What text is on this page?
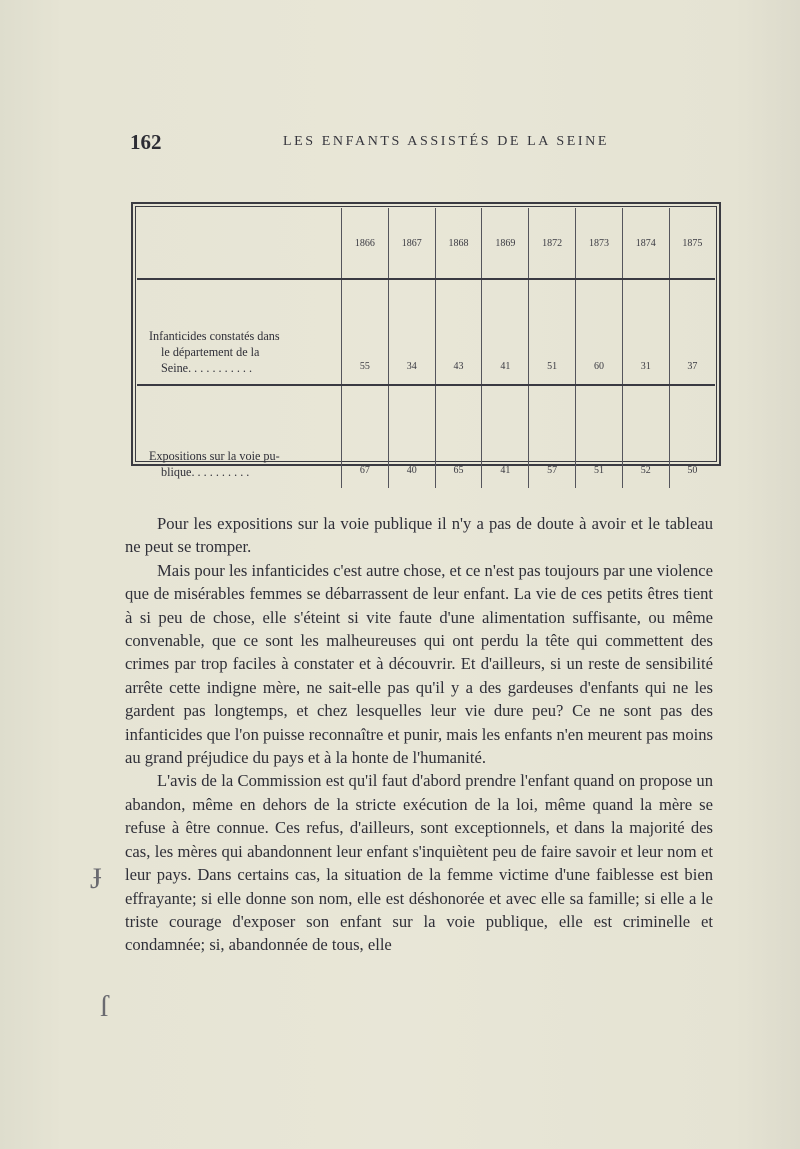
162	LES ENFANTS ASSISTÉS DE LA SEINE
	1866	1867	1868	1869	1872	1873	1874	1875
Infanticides constatés dans
le département de la
Seine. . . . . . . . . . .	55	34	43	41	51	60	31	37
Expositions sur la voie pu-
blique. . . . . . . . . .	67	40	65	41	57	51	52	50

Pour les expositions sur la voie publique il n'y a pas de doute à avoir et le tableau ne peut se tromper.

Mais pour les infanticides c'est autre chose, et ce n'est pas toujours par une violence que de misérables femmes se débarrassent de leur enfant. La vie de ces petits êtres tient à si peu de chose, elle s'éteint si vite faute d'une alimentation suffisante, ou même convenable, que ce sont les malheureuses qui ont perdu la tête qui commettent des crimes par trop faciles à constater et à découvrir. Et d'ailleurs, si un reste de sensibilité arrête cette indigne mère, ne sait-elle pas qu'il y a des gardeuses d'enfants qui ne les gardent pas longtemps, et chez lesquelles leur vie dure peu? Ce ne sont pas des infanticides que l'on puisse reconnaître et punir, mais les enfants n'en meurent pas moins au grand préjudice du pays et à la honte de l'humanité.

L'avis de la Commission est qu'il faut d'abord prendre l'enfant quand on propose un abandon, même en dehors de la stricte exécution de la loi, même quand la mère se refuse à être connue. Ces refus, d'ailleurs, sont exceptionnels, et dans la majorité des cas, les mères qui abandonnent leur enfant s'inquiètent peu de faire savoir et leur nom et leur pays. Dans certains cas, la situation de la femme victime d'une faiblesse est bien effrayante; si elle donne son nom, elle est déshonorée et avec elle sa famille; si elle a le triste courage d'exposer son enfant sur la voie publique, elle est criminelle et condamnée; si, abandonnée de tous, elle

Ɉ
ſ
